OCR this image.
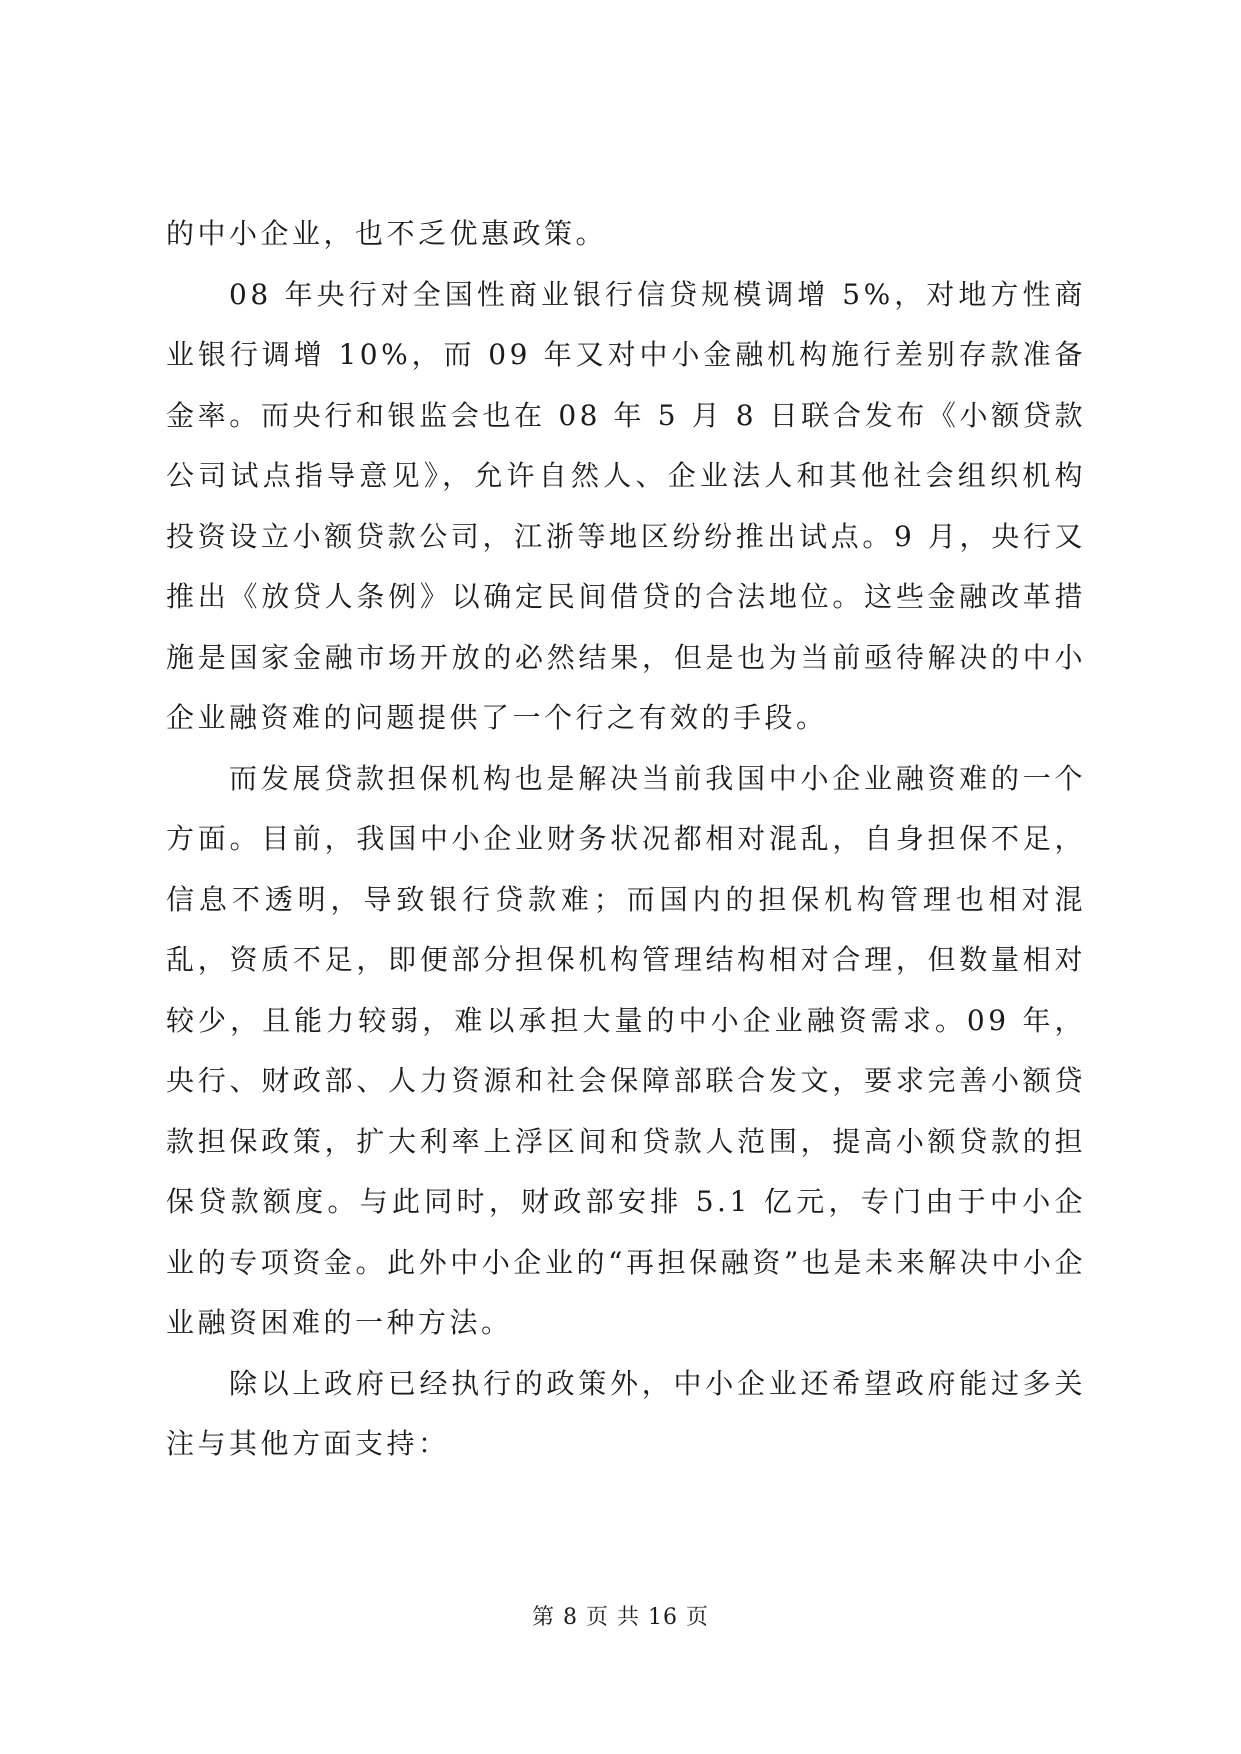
的中小企业，也不乏优惠政策。

08 年央行对全国性商业银行信贷规模调增 5%，对地方性商业银行调增 10%，而 09 年又对中小金融机构施行差别存款准备金率。而央行和银监会也在 08 年 5 月 8 日联合发布《小额贷款公司试点指导意见》，允许自然人、企业法人和其他社会组织机构投资设立小额贷款公司，江浙等地区纷纷推出试点。9 月，央行又推出《放贷人条例》以确定民间借贷的合法地位。这些金融改革措施是国家金融市场开放的必然结果，但是也为当前亟待解决的中小企业融资难的问题提供了一个行之有效的手段。

而发展贷款担保机构也是解决当前我国中小企业融资难的一个方面。目前，我国中小企业财务状况都相对混乱，自身担保不足，信息不透明，导致银行贷款难；而国内的担保机构管理也相对混乱，资质不足，即便部分担保机构管理结构相对合理，但数量相对较少，且能力较弱，难以承担大量的中小企业融资需求。09 年，央行、财政部、人力资源和社会保障部联合发文，要求完善小额贷款担保政策，扩大利率上浮区间和贷款人范围，提高小额贷款的担保贷款额度。与此同时，财政部安排 5.1 亿元，专门由于中小企业的专项资金。此外中小企业的“再担保融资”也是未来解决中小企业融资困难的一种方法。

除以上政府已经执行的政策外，中小企业还希望政府能过多关注与其他方面支持：

第 8 页 共 16 页
